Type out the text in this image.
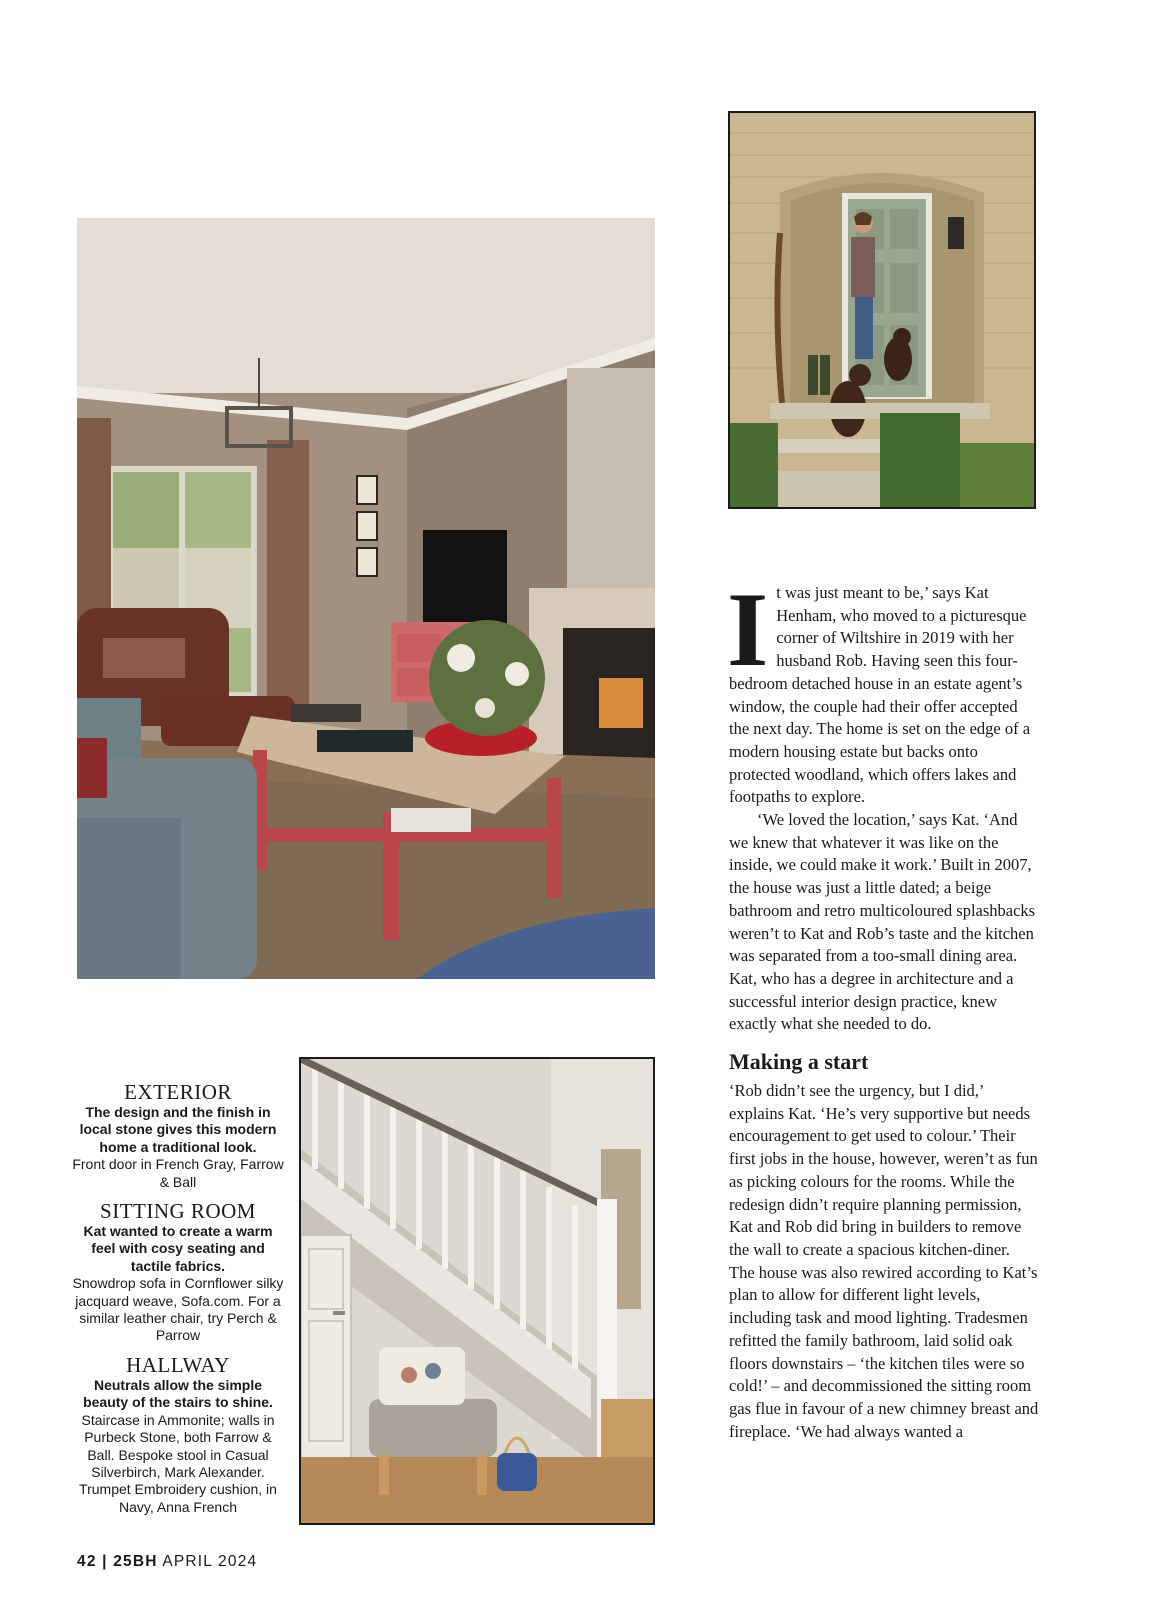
EXTERIOR
The design and the finish in local stone gives this modern home a traditional look.
Front door in French Gray, Farrow & Ball
SITTING ROOM
Kat wanted to create a warm feel with cosy seating and tactile fabrics.
Snowdrop sofa in Cornflower silky jacquard weave, Sofa.com. For a similar leather chair, try Perch & Parrow
HALLWAY
Neutrals allow the simple beauty of the stairs to shine.
Staircase in Ammonite; walls in Purbeck Stone, both Farrow & Ball. Bespoke stool in Casual Silverbirch, Mark Alexander. Trumpet Embroidery cushion, in Navy, Anna French

It was just meant to be,’ says Kat Henham, who moved to a picturesque corner of Wiltshire in 2019 with her husband Rob. Having seen this four-bedroom detached house in an estate agent’s window, the couple had their offer accepted the next day. The home is set on the edge of a modern housing estate but backs onto protected woodland, which offers lakes and footpaths to explore.

‘We loved the location,’ says Kat. ‘And we knew that whatever it was like on the inside, we could make it work.’ Built in 2007, the house was just a little dated; a beige bathroom and retro multicoloured splashbacks weren’t to Kat and Rob’s taste and the kitchen was separated from a too-small dining area. Kat, who has a degree in architecture and a successful interior design practice, knew exactly what she needed to do.

Making a start

‘Rob didn’t see the urgency, but I did,’ explains Kat. ‘He’s very supportive but needs encouragement to get used to colour.’ Their first jobs in the house, however, weren’t as fun as picking colours for the rooms. While the redesign didn’t require planning permission, Kat and Rob did bring in builders to remove the wall to create a spacious kitchen-diner. The house was also rewired according to Kat’s plan to allow for different light levels, including task and mood lighting. Tradesmen refitted the family bathroom, laid solid oak floors downstairs – ‘the kitchen tiles were so cold!’ – and decommissioned the sitting room gas flue in favour of a new chimney breast and fireplace. ‘We had always wanted a

42 | 25BH APRIL 2024
